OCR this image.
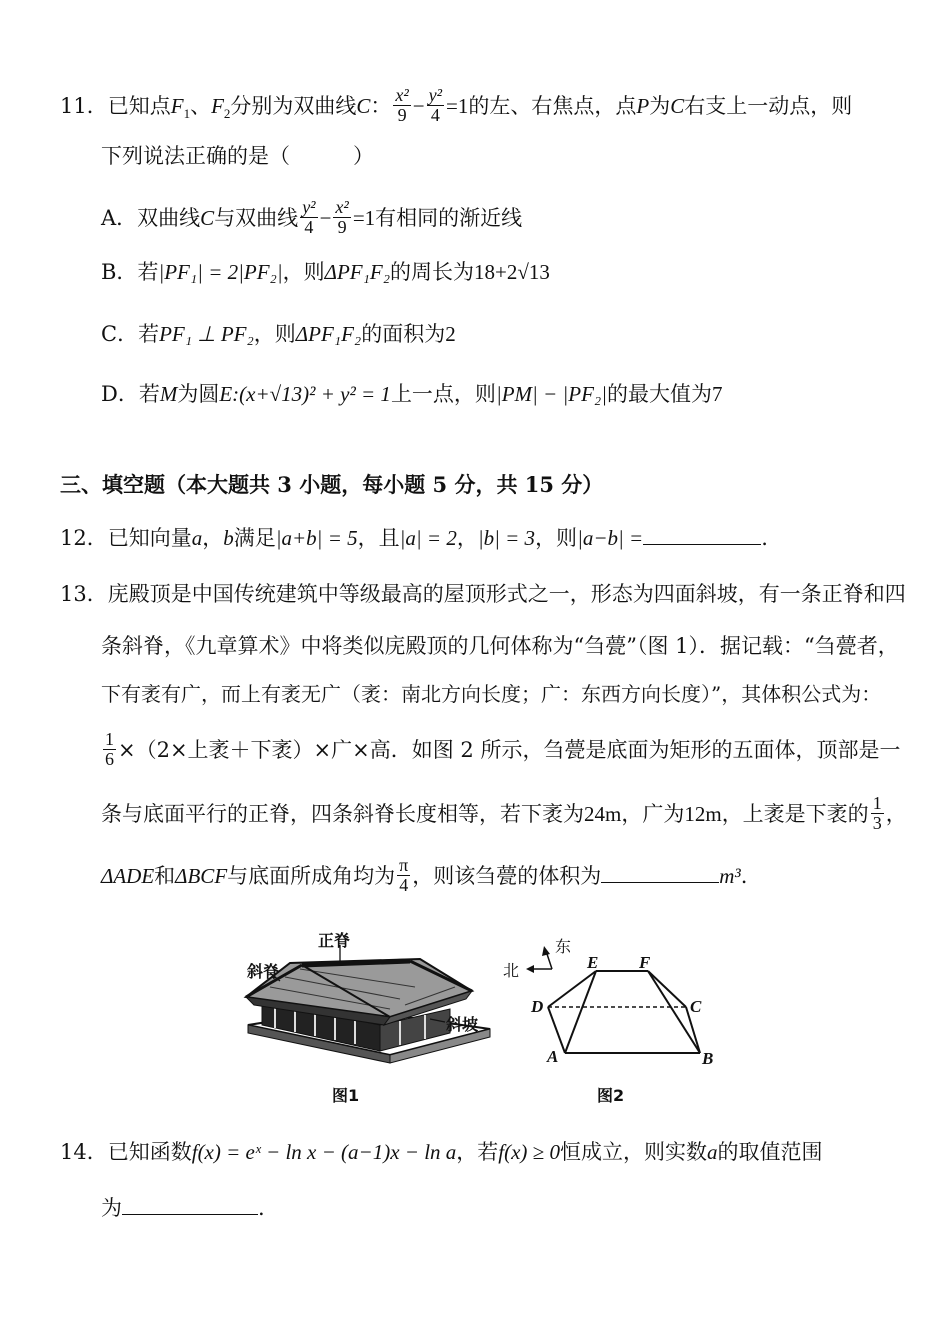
11．已知点$F_1$、$F_2$分别为双曲线C： $\frac{\text{x²}}{9} - \frac{\text{y²}}{4} =1$的左、右焦点，点P为C右支上一动点，则
下列说法正确的是（　　　）
A．双曲线C与双曲线 $\frac{\text{y²}}{4} - \frac{\text{x²}}{9} =1$有相同的渐近线
B．若|PF₁| = 2|PF₂|，则ΔPF₁F₂的周长为18+2√13
C．若PF₁ ⊥ PF₂，则ΔPF₁F₂的面积为2
D．若M为圆E:(x+√13)² + y² = 1上一点，则|PM| − |PF₂|的最大值为7
三、填空题（本大题共 3 小题，每小题 5 分，共 15 分）
12．已知向量a，b满足|a+b| = 5，且|a| = 2，|b| = 3，则|a−b| =	.
13．庑殿顶是中国传统建筑中等级最高的屋顶形式之一，形态为四面斜坡，有一条正脊和四
条斜脊，《九章算术》中将类似庑殿顶的几何体称为“刍甍”（图 1）．据记载：“刍甍者，
下有袤有广，而上有袤无广（袤：南北方向长度；广：东西方向长度）”，其体积公式为：
$\frac{1}{6} \times(2\times$上袤＋下袤）×广×高．如图 2 所示，刍甍是底面为矩形的五面体，顶部是一
条与底面平行的正脊，四条斜脊长度相等，若下袤为24m，广为12m，上袤是下袤的 $\frac{1}{3}$ ，
ΔADE和ΔBCF与底面所成角均为 $\frac{\pi}{4}$ ，则该刍甍的体积为	m³.
正脊
斜脊
斜坡
图1
北
东
E F
D	C
A	B
图2
14．已知函数f(x) = eˣ − ln x − (a−1)x − ln a，若f(x) ≥ 0恒成立，则实数a的取值范围
为	.
